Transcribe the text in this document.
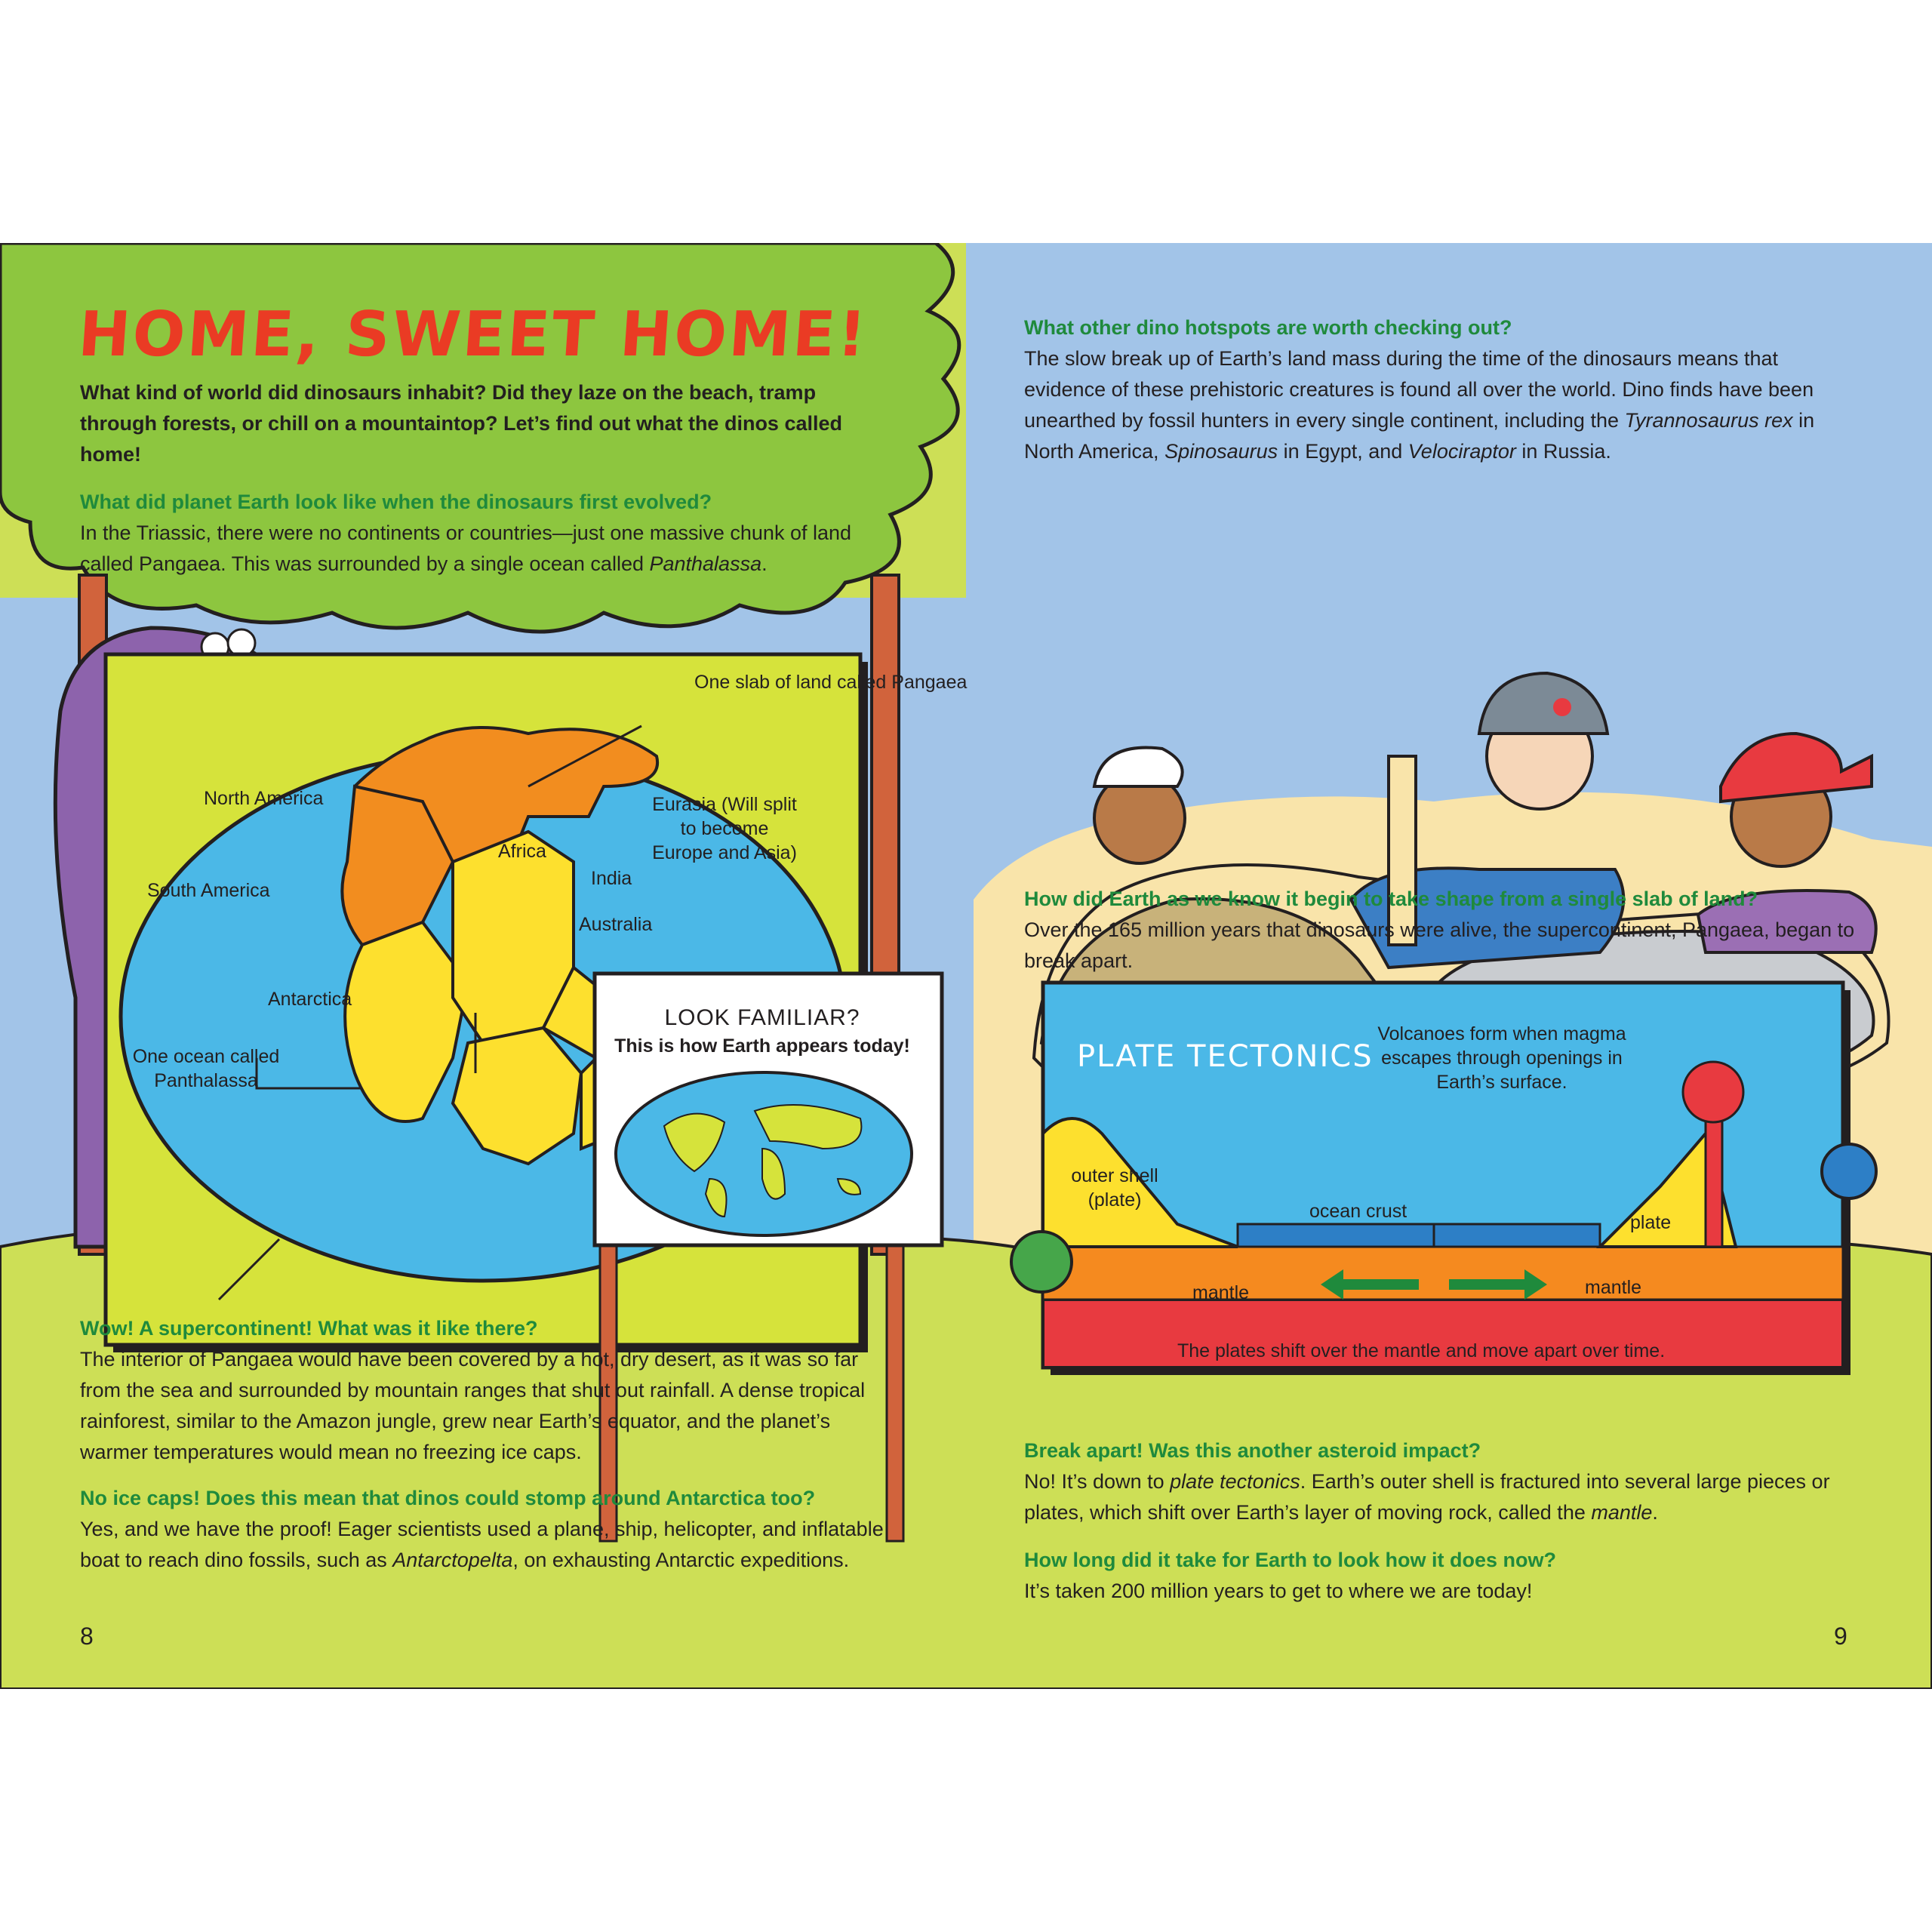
HOME, SWEET HOME!
What kind of world did dinosaurs inhabit? Did they laze on the beach, tramp through forests, or chill on a mountaintop? Let’s find out what the dinos called home!

What did planet Earth look like when the dinosaurs first evolved?

In the Triassic, there were no continents or countries—just one massive chunk of land called Pangaea. This was surrounded by a single ocean called Panthalassa.

One slab of land called Pangaea
North America	Eurasia (Will split to become Europe and Asia)
Africa
South America
India
Australia
Antarctica
One ocean called Panthalassa
LOOK FAMILIAR?
This is how Earth appears today!

Wow! A supercontinent! What was it like there?

The interior of Pangaea would have been covered by a hot, dry desert, as it was so far from the sea and surrounded by mountain ranges that shut out rainfall. A dense tropical rainforest, similar to the Amazon jungle, grew near Earth’s equator, and the planet’s warmer temperatures would mean no freezing ice caps.

No ice caps! Does this mean that dinos could stomp around Antarctica too?

Yes, and we have the proof! Eager scientists used a plane, ship, helicopter, and inflatable boat to reach dino fossils, such as Antarctopelta, on exhausting Antarctic expeditions.

8

What other dino hotspots are worth checking out?

The slow break up of Earth’s land mass during the time of the dinosaurs means that evidence of these prehistoric creatures is found all over the world. Dino finds have been unearthed by fossil hunters in every single continent, including the Tyrannosaurus rex in North America, Spinosaurus in Egypt, and Velociraptor in Russia.

How did Earth as we know it begin to take shape from a single slab of land?

Over the 165 million years that dinosaurs were alive, the supercontinent, Pangaea, began to break apart.

PLATE TECTONICS
Volcanoes form when magma escapes through openings in Earth’s surface.
outer shell (plate)
ocean crust
plate
mantle	mantle
The plates shift over the mantle and move apart over time.

Break apart! Was this another asteroid impact?

No! It’s down to plate tectonics. Earth’s outer shell is fractured into several large pieces or plates, which shift over Earth’s layer of moving rock, called the mantle.

How long did it take for Earth to look how it does now?

It’s taken 200 million years to get to where we are today!

9
